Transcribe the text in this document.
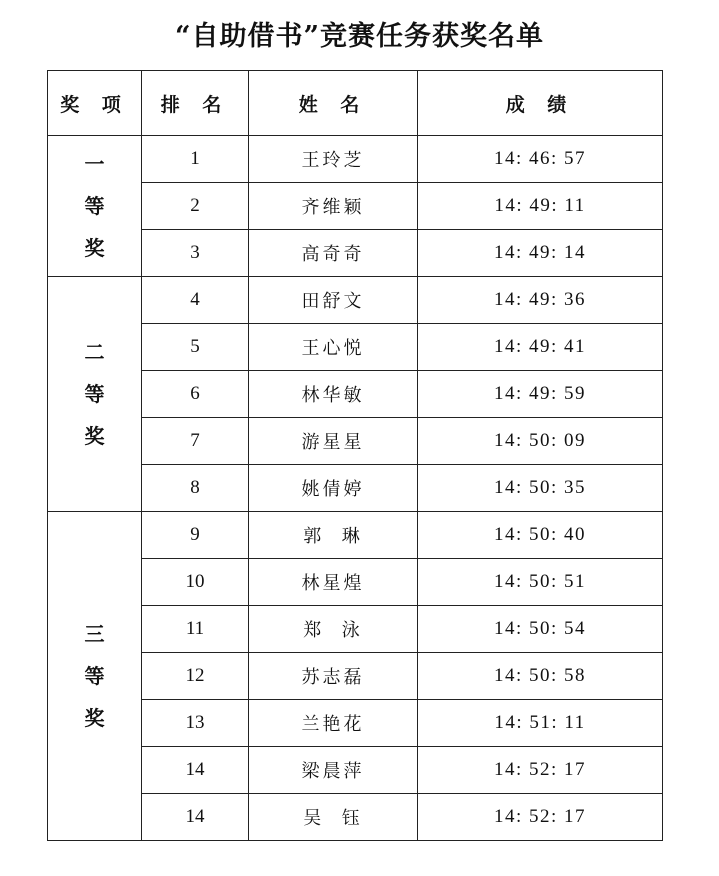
“自助借书”竞赛任务获奖名单
奖 项	排 名	姓 名	成 绩

一
等
奖	1	王玲芝	14: 46: 57
	2	齐维颖	14: 49: 11
	3	高奇奇	14: 49: 14

二
等
奖	4	田舒文	14: 49: 36
	5	王心悦	14: 49: 41
	6	林华敏	14: 49: 59
	7	游星星	14: 50: 09
	8	姚倩婷	14: 50: 35

三
等
奖	9	郭  琳	14: 50: 40
	10	林星煌	14: 50: 51
	11	郑  泳	14: 50: 54
	12	苏志磊	14: 50: 58
	13	兰艳花	14: 51: 11
	14	梁晨萍	14: 52: 17
	14	吴  钰	14: 52: 17
